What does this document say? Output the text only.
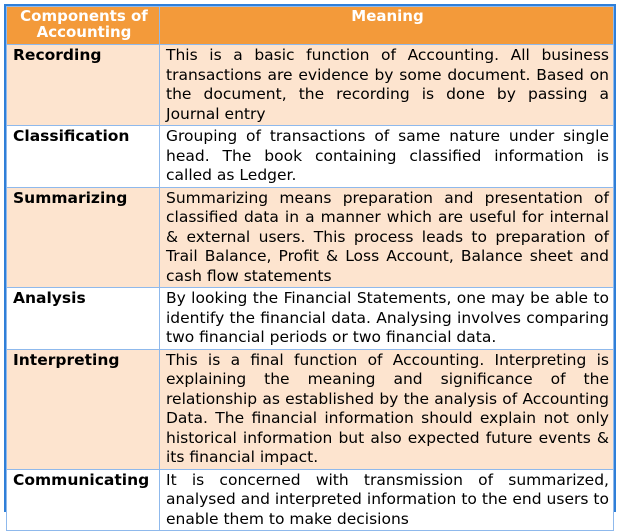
Components of Accounting	Meaning
Recording	This is a basic function of Accounting. All business transactions are evidence by some document. Based on the document, the recording is done by passing a Journal entry
Classification	Grouping of transactions of same nature under single head. The book containing classified information is called as Ledger.
Summarizing	Summarizing means preparation and presentation of classified data in a manner which are useful for internal & external users. This process leads to preparation of Trail Balance, Profit & Loss Account, Balance sheet and cash flow statements
Analysis	By looking the Financial Statements, one may be able to identify the financial data. Analysing involves comparing two financial periods or two financial data.
Interpreting	This is a final function of Accounting. Interpreting is explaining the meaning and significance of the relationship as established by the analysis of Accounting Data. The financial information should explain not only historical information but also expected future events & its financial impact.
Communicating	It is concerned with transmission of summarized, analysed and interpreted information to the end users to enable them to make decisions
